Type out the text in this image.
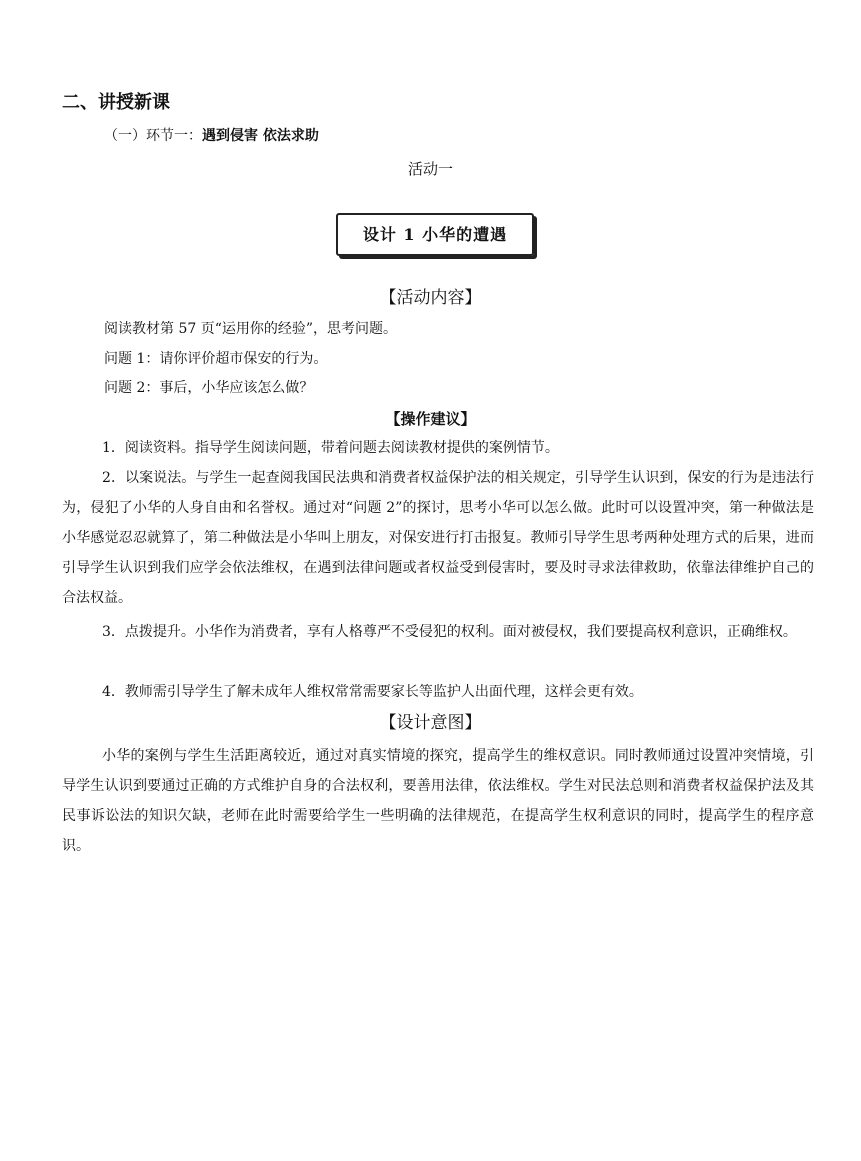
二、讲授新课
（一）环节一：遇到侵害 依法求助
活动一
设计 1 小华的遭遇
【活动内容】
阅读教材第 57 页“运用你的经验”，思考问题。
问题 1：请你评价超市保安的行为。
问题 2：事后，小华应该怎么做？
【操作建议】

1．阅读资料。指导学生阅读问题，带着问题去阅读教材提供的案例情节。

2．以案说法。与学生一起查阅我国民法典和消费者权益保护法的相关规定，引导学生认识到，保安的行为是违法行为，侵犯了小华的人身自由和名誉权。通过对“问题 2”的探讨，思考小华可以怎么做。此时可以设置冲突，第一种做法是小华感觉忍忍就算了，第二种做法是小华叫上朋友，对保安进行打击报复。教师引导学生思考两种处理方式的后果，进而引导学生认识到我们应学会依法维权，在遇到法律问题或者权益受到侵害时，要及时寻求法律救助，依靠法律维护自己的合法权益。

3．点拨提升。小华作为消费者，享有人格尊严不受侵犯的权利。面对被侵权，我们要提高权利意识，正确维权。

4．教师需引导学生了解未成年人维权常常需要家长等监护人出面代理，这样会更有效。

【设计意图】

小华的案例与学生生活距离较近，通过对真实情境的探究，提高学生的维权意识。同时教师通过设置冲突情境，引导学生认识到要通过正确的方式维护自身的合法权利，要善用法律，依法维权。学生对民法总则和消费者权益保护法及其民事诉讼法的知识欠缺，老师在此时需要给学生一些明确的法律规范，在提高学生权利意识的同时，提高学生的程序意识。
